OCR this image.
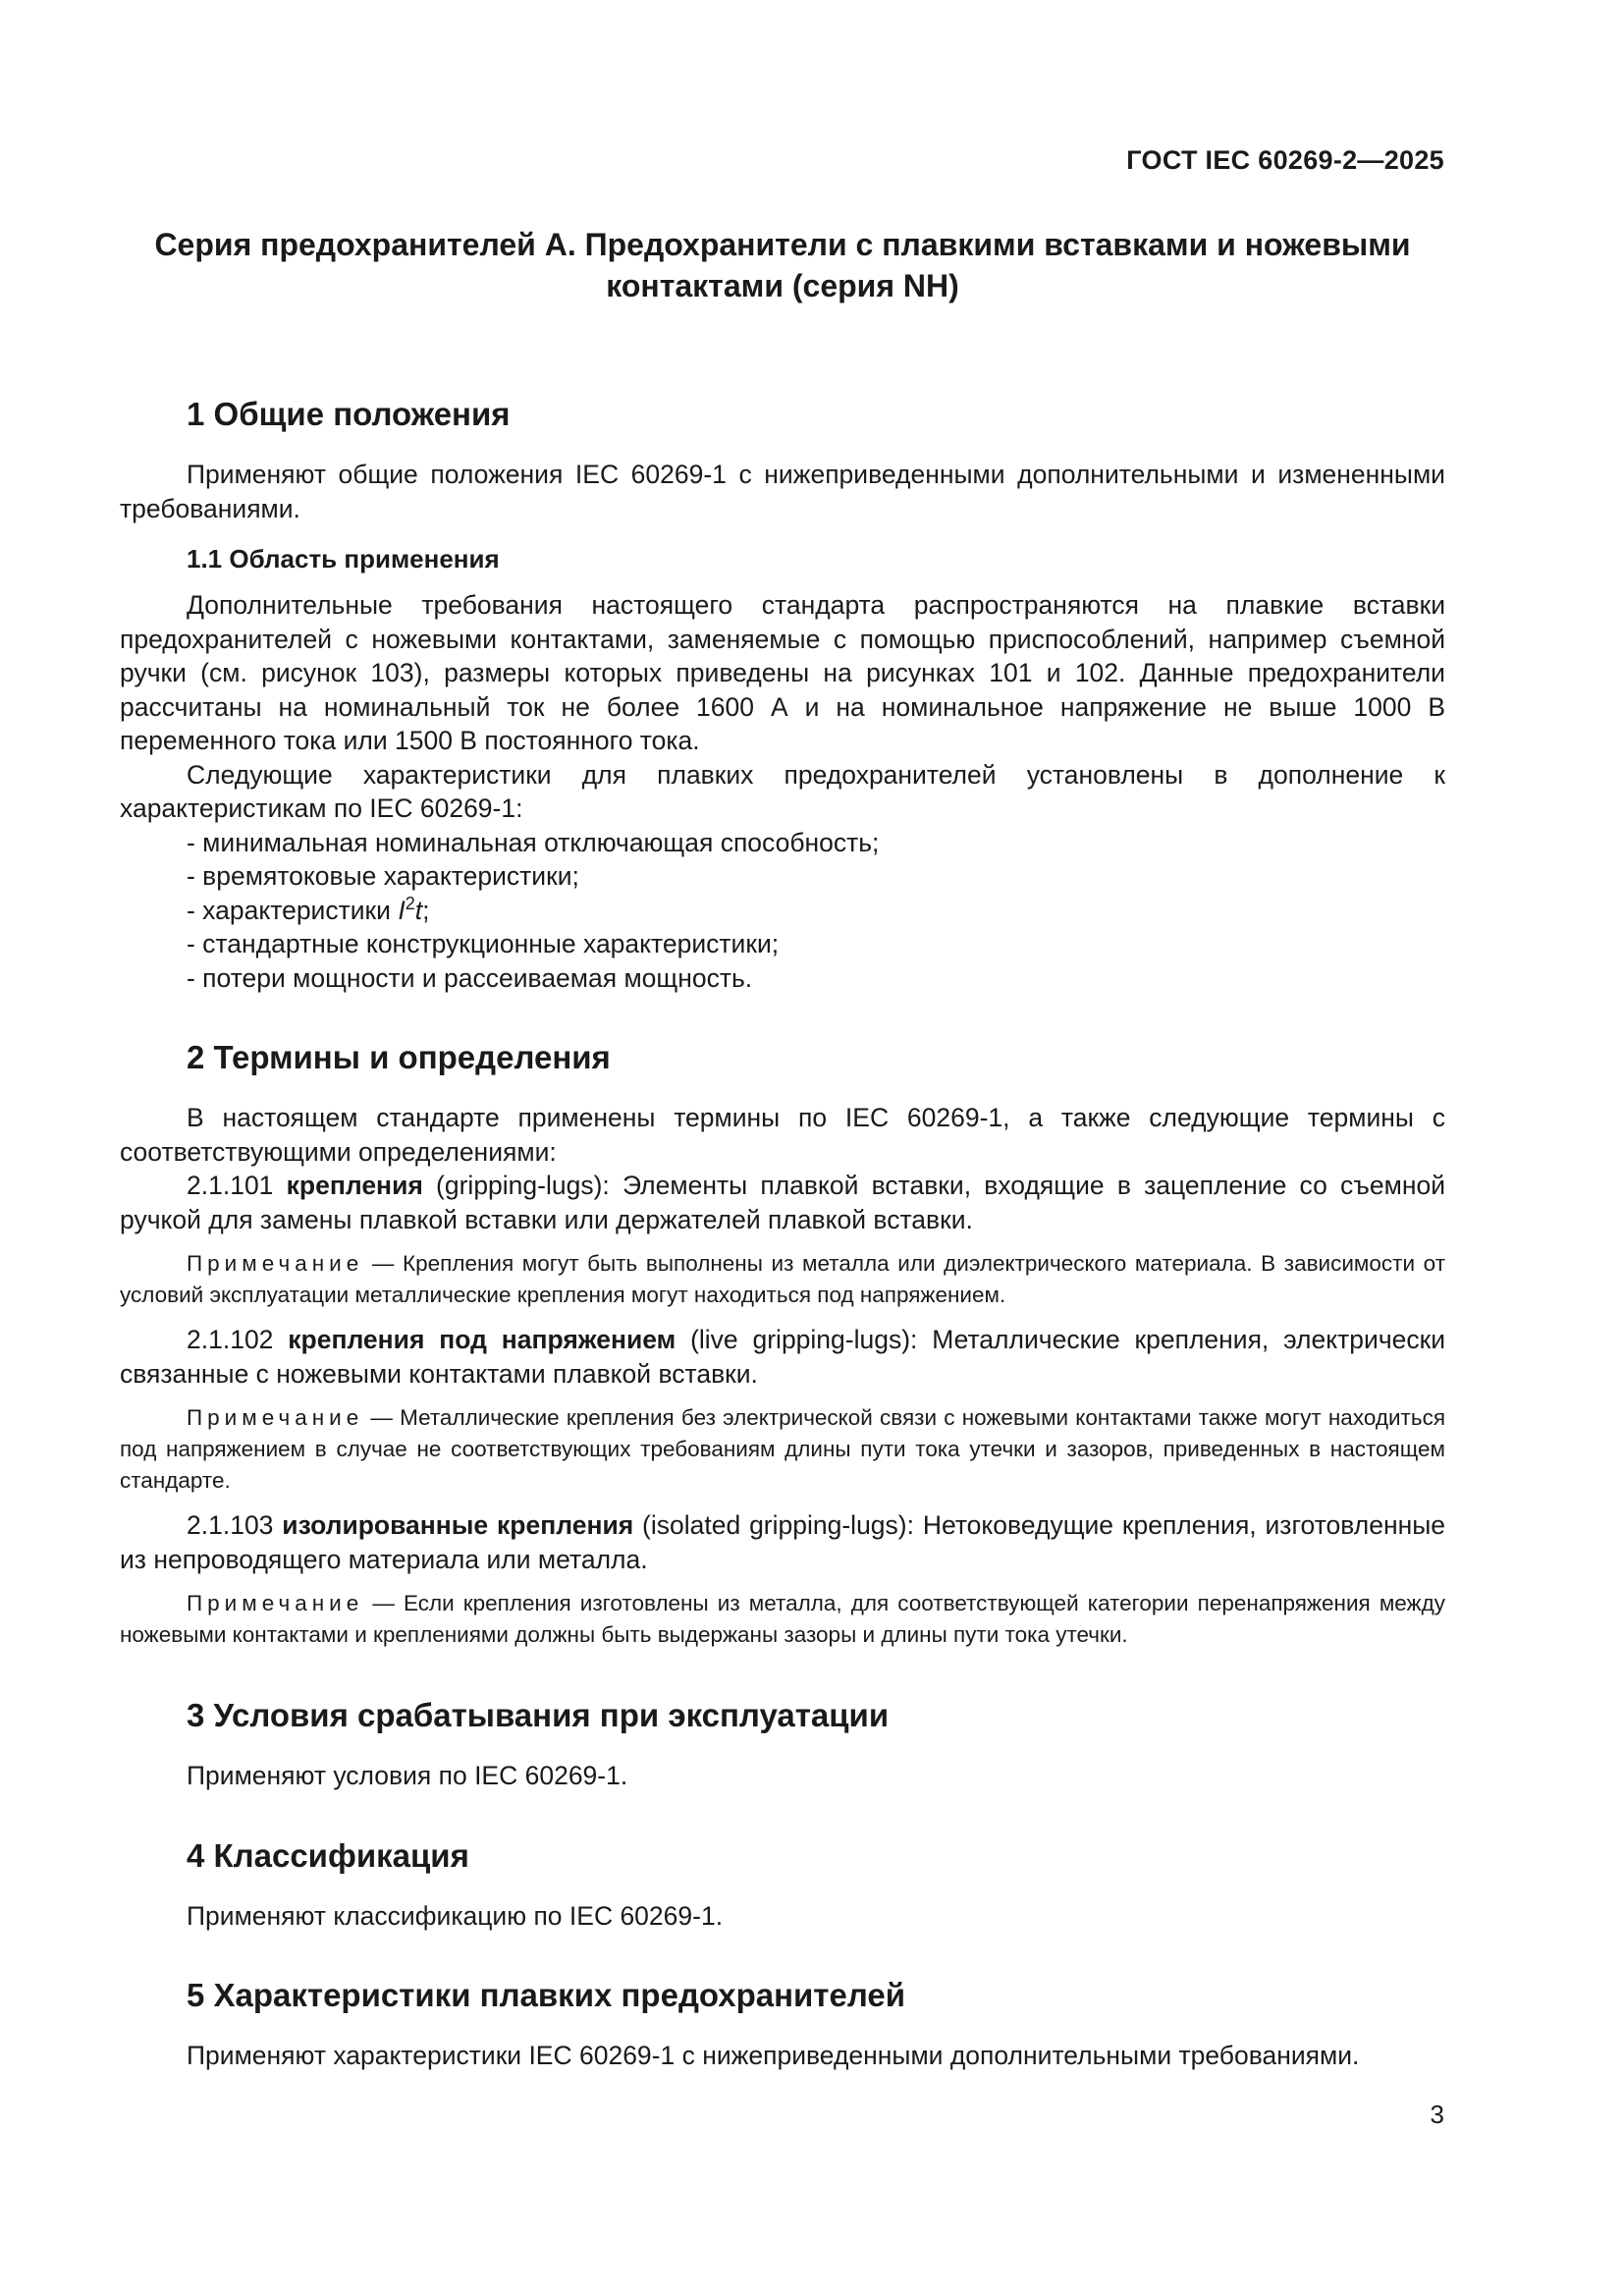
ГОСТ IEC 60269-2—2025
Серия предохранителей А. Предохранители с плавкими вставками и ножевыми
контактами (серия NH)
1 Общие положения

Применяют общие положения IEC 60269-1 с нижеприведенными дополнительными и измененными требованиями.

1.1 Область применения

Дополнительные требования настоящего стандарта распространяются на плавкие вставки предохранителей с ножевыми контактами, заменяемые с помощью приспособлений, например съемной ручки (см. рисунок 103), размеры которых приведены на рисунках 101 и 102. Данные предохранители рассчитаны на номинальный ток не более 1600 А и на номинальное напряжение не выше 1000 В переменного тока или 1500 В постоянного тока.

Следующие характеристики для плавких предохранителей установлены в дополнение к характеристикам по IEC 60269-1:

- минимальная номинальная отключающая способность;
- времятоковые характеристики;
- характеристики $I^2t$;
- стандартные конструкционные характеристики;
- потери мощности и рассеиваемая мощность.
2 Термины и определения

В настоящем стандарте применены термины по IEC 60269-1, а также следующие термины с соответствующими определениями:

2.1.101 крепления (gripping-lugs): Элементы плавкой вставки, входящие в зацепление со съемной ручкой для замены плавкой вставки или держателей плавкой вставки.

Примечание — Крепления могут быть выполнены из металла или диэлектрического материала. В зависимости от условий эксплуатации металлические крепления могут находиться под напряжением.

2.1.102 крепления под напряжением (live gripping-lugs): Металлические крепления, электрически связанные с ножевыми контактами плавкой вставки.

Примечание — Металлические крепления без электрической связи с ножевыми контактами также могут находиться под напряжением в случае не соответствующих требованиям длины пути тока утечки и зазоров, приведенных в настоящем стандарте.

2.1.103 изолированные крепления (isolated gripping-lugs): Нетоковедущие крепления, изготовленные из непроводящего материала или металла.

Примечание — Если крепления изготовлены из металла, для соответствующей категории перенапряжения между ножевыми контактами и креплениями должны быть выдержаны зазоры и длины пути тока утечки.
3 Условия срабатывания при эксплуатации

Применяют условия по IEC 60269-1.

4 Классификация

Применяют классификацию по IEC 60269-1.

5 Характеристики плавких предохранителей

Применяют характеристики IEC 60269-1 с нижеприведенными дополнительными требованиями.

3
